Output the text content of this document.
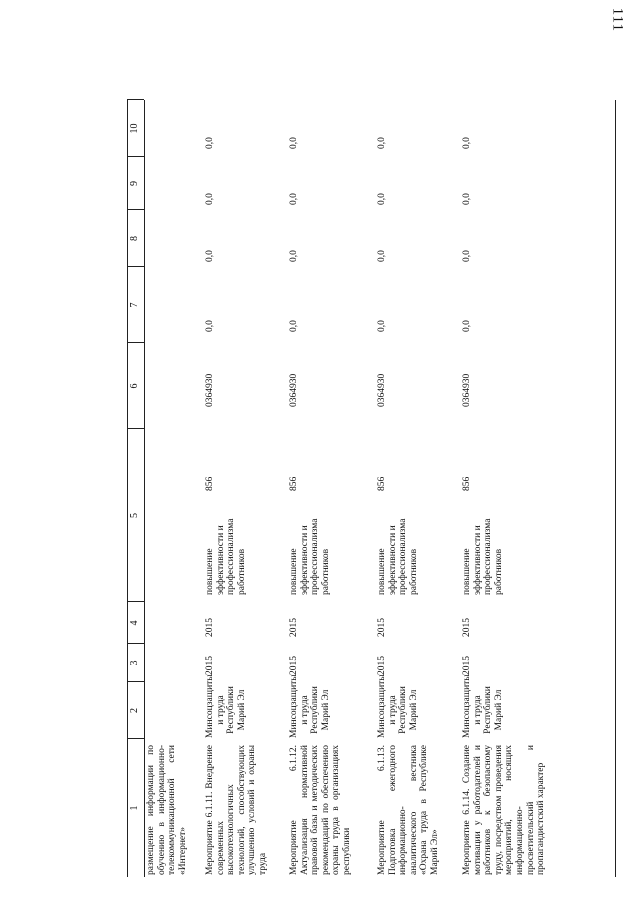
111
1
2
3
4
5
6
7
8
9
10
размещение информации по обучению в информационно-телекоммуникационной сети «Интернет» Мероприятие 6.1.11. Внедрение современных высокотехнологичных технологий, способствующих улучшению условий и охраны труда
Минсоцзащиты и труда Республики Марий Эл
2015
2015
повышение эффективности и профессионализма работников
856
0364930
0,0
0,0
0,0
0,0
Мероприятие 6.1.12. Актуализация нормативной правовой базы и методических рекомендаций по обеспечению охраны труда в организациях республики
Минсоцзащиты и труда Республики Марий Эл
2015
2015
повышение эффективности и профессионализма работников
856
0364930
0,0
0,0
0,0
0,0
Мероприятие 6.1.13. Подготовка ежегодного информационно-аналитического вестника «Охрана труда в Республике Марий Эл»
Минсоцзащиты и труда Республики Марий Эл
2015
2015
повышение эффективности и профессионализма работников
856
0364930
0,0
0,0
0,0
0,0
Мероприятие 6.1.14. Создание мотивации у работодателей и работников к безопасному труду, посредством проведения мероприятий, носящих информационно-просветительский и пропагандистский характер
Минсоцзащиты и труда Республики Марий Эл
2015
2015
повышение эффективности и профессионализма работников
856
0364930
0,0
0,0
0,0
0,0
